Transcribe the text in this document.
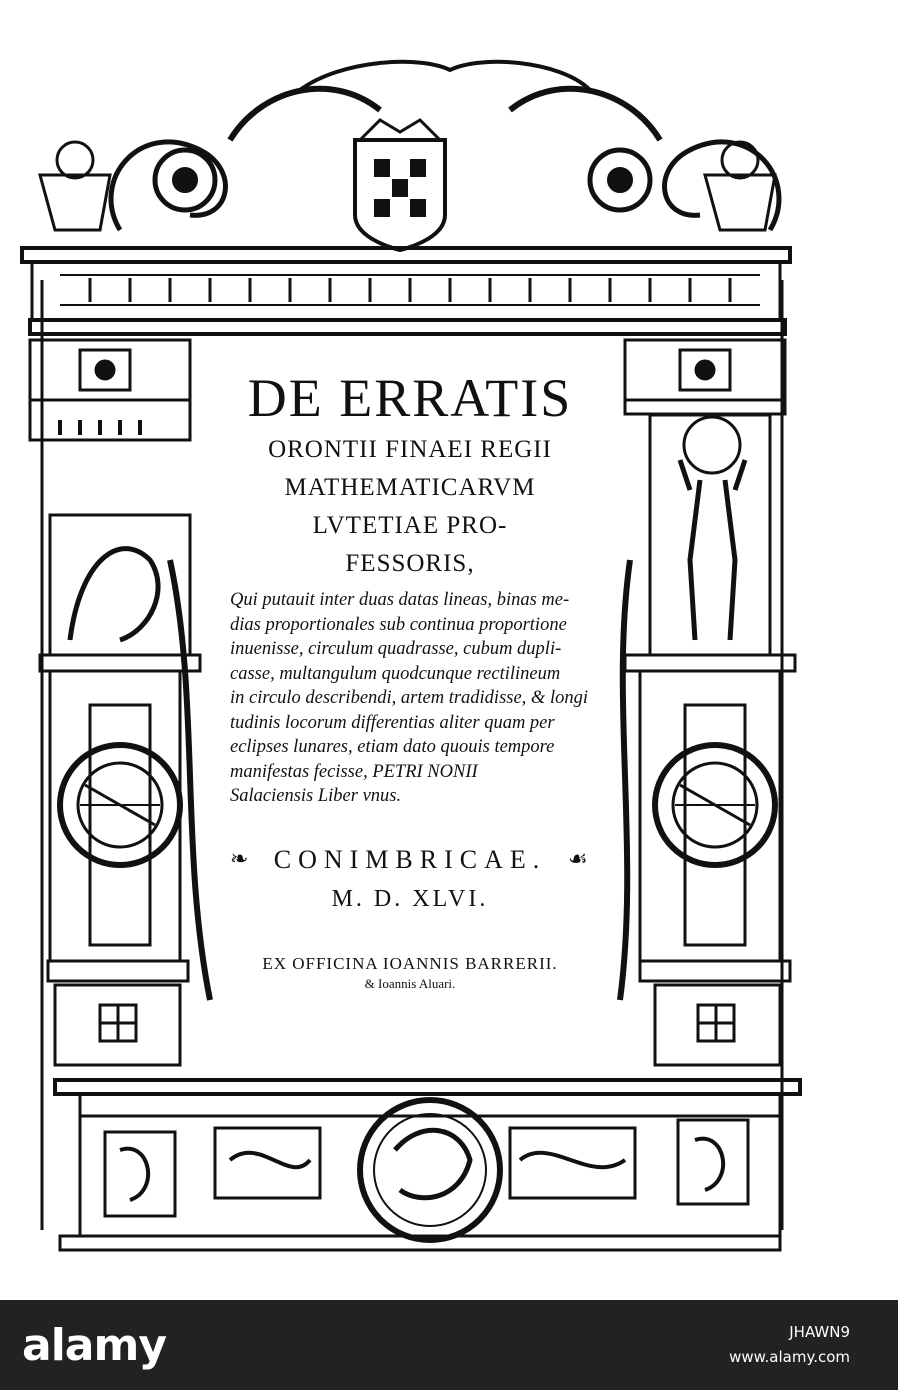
DE ERRATIS
ORONTII FINAEI REGII
MATHEMATICARVM
LVTETIAE PRO-
FESSORIS,
Qui putauit inter duas datas lineas, binas me-
dias proportionales sub continua proportione
inuenisse, circulum quadrasse, cubum dupli-
casse, multangulum quodcunque rectilineum
in circulo describendi, artem tradidisse, & longi
tudinis locorum differentias aliter quam per
eclipses lunares, etiam dato quouis tempore
manifestas fecisse, PETRI NONII
Salaciensis Liber vnus.
❧ CONIMBRICAE. ☙
M. D. XLVI.
EX OFFICINA IOANNIS BARRERII.
& Ioannis Aluari.
alamy	JHAWN9
www.alamy.com
